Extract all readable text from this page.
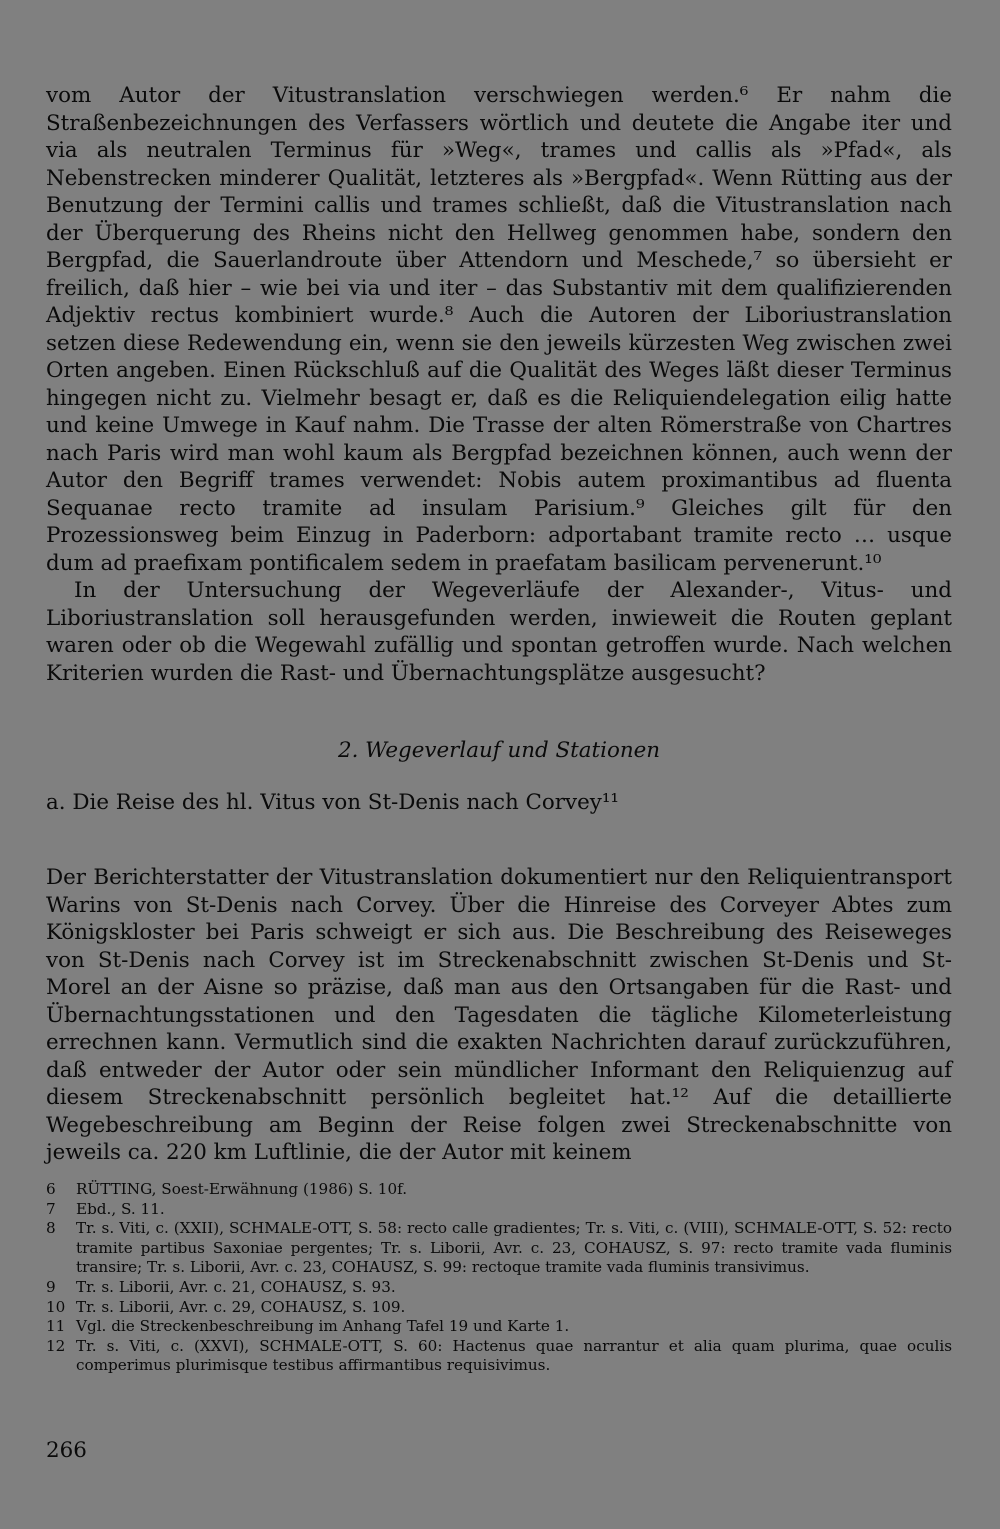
vom Autor der Vitustranslation verschwiegen werden.⁶ Er nahm die Straßenbezeichnungen des Verfassers wörtlich und deutete die Angabe iter und via als neutralen Terminus für »Weg«, trames und callis als »Pfad«, als Nebenstrecken minderer Qualität, letzteres als »Bergpfad«. Wenn Rütting aus der Benutzung der Termini callis und trames schließt, daß die Vitustranslation nach der Überquerung des Rheins nicht den Hellweg genommen habe, sondern den Bergpfad, die Sauerlandroute über Attendorn und Meschede,⁷ so übersieht er freilich, daß hier – wie bei via und iter – das Substantiv mit dem qualifizierenden Adjektiv rectus kombiniert wurde.⁸ Auch die Autoren der Liboriustranslation setzen diese Redewendung ein, wenn sie den jeweils kürzesten Weg zwischen zwei Orten angeben. Einen Rückschluß auf die Qualität des Weges läßt dieser Terminus hingegen nicht zu. Vielmehr besagt er, daß es die Reliquiendelegation eilig hatte und keine Umwege in Kauf nahm. Die Trasse der alten Römerstraße von Chartres nach Paris wird man wohl kaum als Bergpfad bezeichnen können, auch wenn der Autor den Begriff trames verwendet: Nobis autem proximantibus ad fluenta Sequanae recto tramite ad insulam Parisium.⁹ Gleiches gilt für den Prozessionsweg beim Einzug in Paderborn: adportabant tramite recto … usque dum ad praefixam pontificalem sedem in praefatam basilicam pervenerunt.¹⁰

In der Untersuchung der Wegeverläufe der Alexander-, Vitus- und Liboriustranslation soll herausgefunden werden, inwieweit die Routen geplant waren oder ob die Wegewahl zufällig und spontan getroffen wurde. Nach welchen Kriterien wurden die Rast- und Übernachtungsplätze ausgesucht?

2. Wegeverlauf und Stationen
a. Die Reise des hl. Vitus von St-Denis nach Corvey¹¹

Der Berichterstatter der Vitustranslation dokumentiert nur den Reliquientransport Warins von St-Denis nach Corvey. Über die Hinreise des Corveyer Abtes zum Königskloster bei Paris schweigt er sich aus. Die Beschreibung des Reiseweges von St-Denis nach Corvey ist im Streckenabschnitt zwischen St-Denis und St-Morel an der Aisne so präzise, daß man aus den Ortsangaben für die Rast- und Übernachtungsstationen und den Tagesdaten die tägliche Kilometerleistung errechnen kann. Vermutlich sind die exakten Nachrichten darauf zurückzuführen, daß entweder der Autor oder sein mündlicher Informant den Reliquienzug auf diesem Streckenabschnitt persönlich begleitet hat.¹² Auf die detaillierte Wegebeschreibung am Beginn der Reise folgen zwei Streckenabschnitte von jeweils ca. 220 km Luftlinie, die der Autor mit keinem

6	RÜTTING, Soest-Erwähnung (1986) S. 10f.
7	Ebd., S. 11.
8	Tr. s. Viti, c. (XXII), SCHMALE-OTT, S. 58: recto calle gradientes; Tr. s. Viti, c. (VIII), SCHMALE-OTT, S. 52: recto tramite partibus Saxoniae pergentes; Tr. s. Liborii, Avr. c. 23, COHAUSZ, S. 97: recto tramite vada fluminis transire; Tr. s. Liborii, Avr. c. 23, COHAUSZ, S. 99: rectoque tramite vada fluminis transivimus.
9	Tr. s. Liborii, Avr. c. 21, COHAUSZ, S. 93.
10 Tr. s. Liborii, Avr. c. 29, COHAUSZ, S. 109.
11 Vgl. die Streckenbeschreibung im Anhang Tafel 19 und Karte 1.
12 Tr. s. Viti, c. (XXVI), SCHMALE-OTT, S. 60: Hactenus quae narrantur et alia quam plurima, quae oculis comperimus plurimisque testibus affirmantibus requisivimus.
266
